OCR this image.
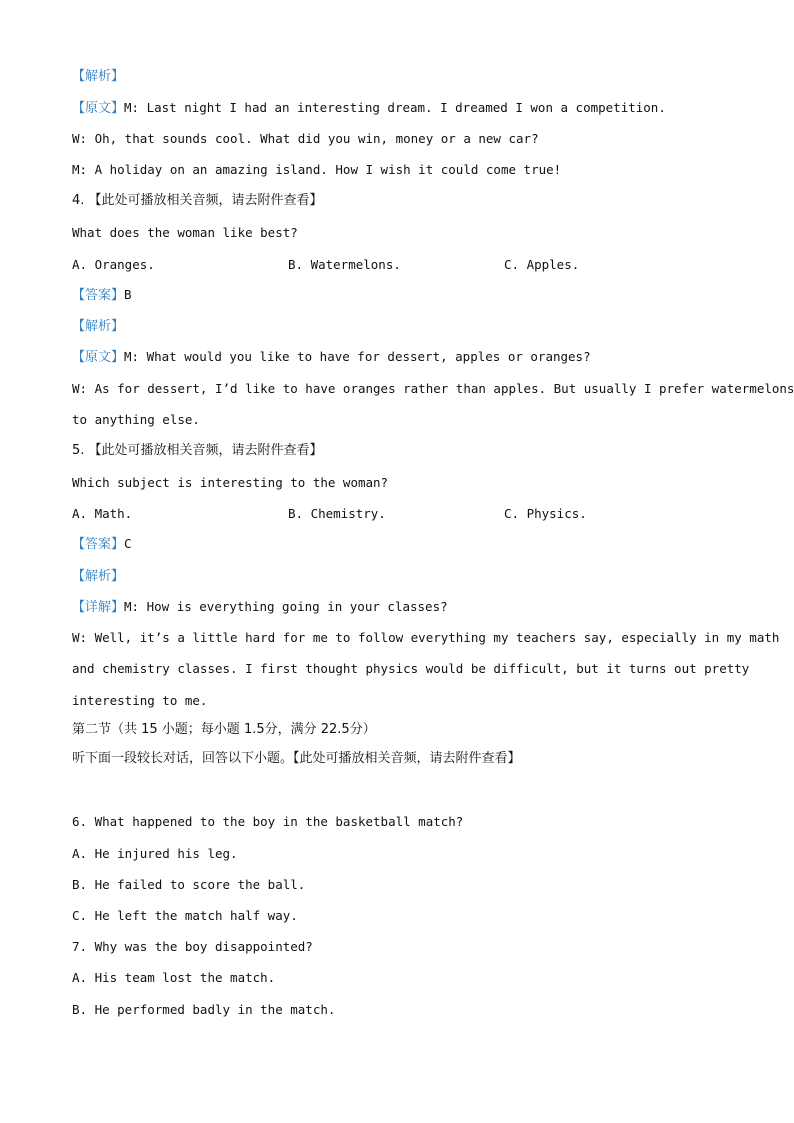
【解析】
【原文】M: Last night I had an interesting dream. I dreamed I won a competition.
W: Oh, that sounds cool. What did you win, money or a new car?
M: A holiday on an amazing island. How I wish it could come true!
4. 【此处可播放相关音频，请去附件查看】
What does the woman like best?
A. Oranges.	B. Watermelons.	C. Apples.
【答案】B
【解析】
【原文】M: What would you like to have for dessert, apples or oranges?
W: As for dessert, I’d like to have oranges rather than apples. But usually I prefer watermelons
to anything else.
5. 【此处可播放相关音频，请去附件查看】
Which subject is interesting to the woman?
A. Math.	B. Chemistry.	C. Physics.
【答案】C
【解析】
【详解】M: How is everything going in your classes?
W: Well, it’s a little hard for me to follow everything my teachers say, especially in my math
and chemistry classes. I first thought physics would be difficult, but it turns out pretty
interesting to me.
第二节（共 15 小题；每小题 1.5分，满分 22.5分）
听下面一段较长对话，回答以下小题。【此处可播放相关音频，请去附件查看】
6. What happened to the boy in the basketball match?
A. He injured his leg.
B. He failed to score the ball.
C. He left the match half way.
7. Why was the boy disappointed?
A. His team lost the match.
B. He performed badly in the match.
